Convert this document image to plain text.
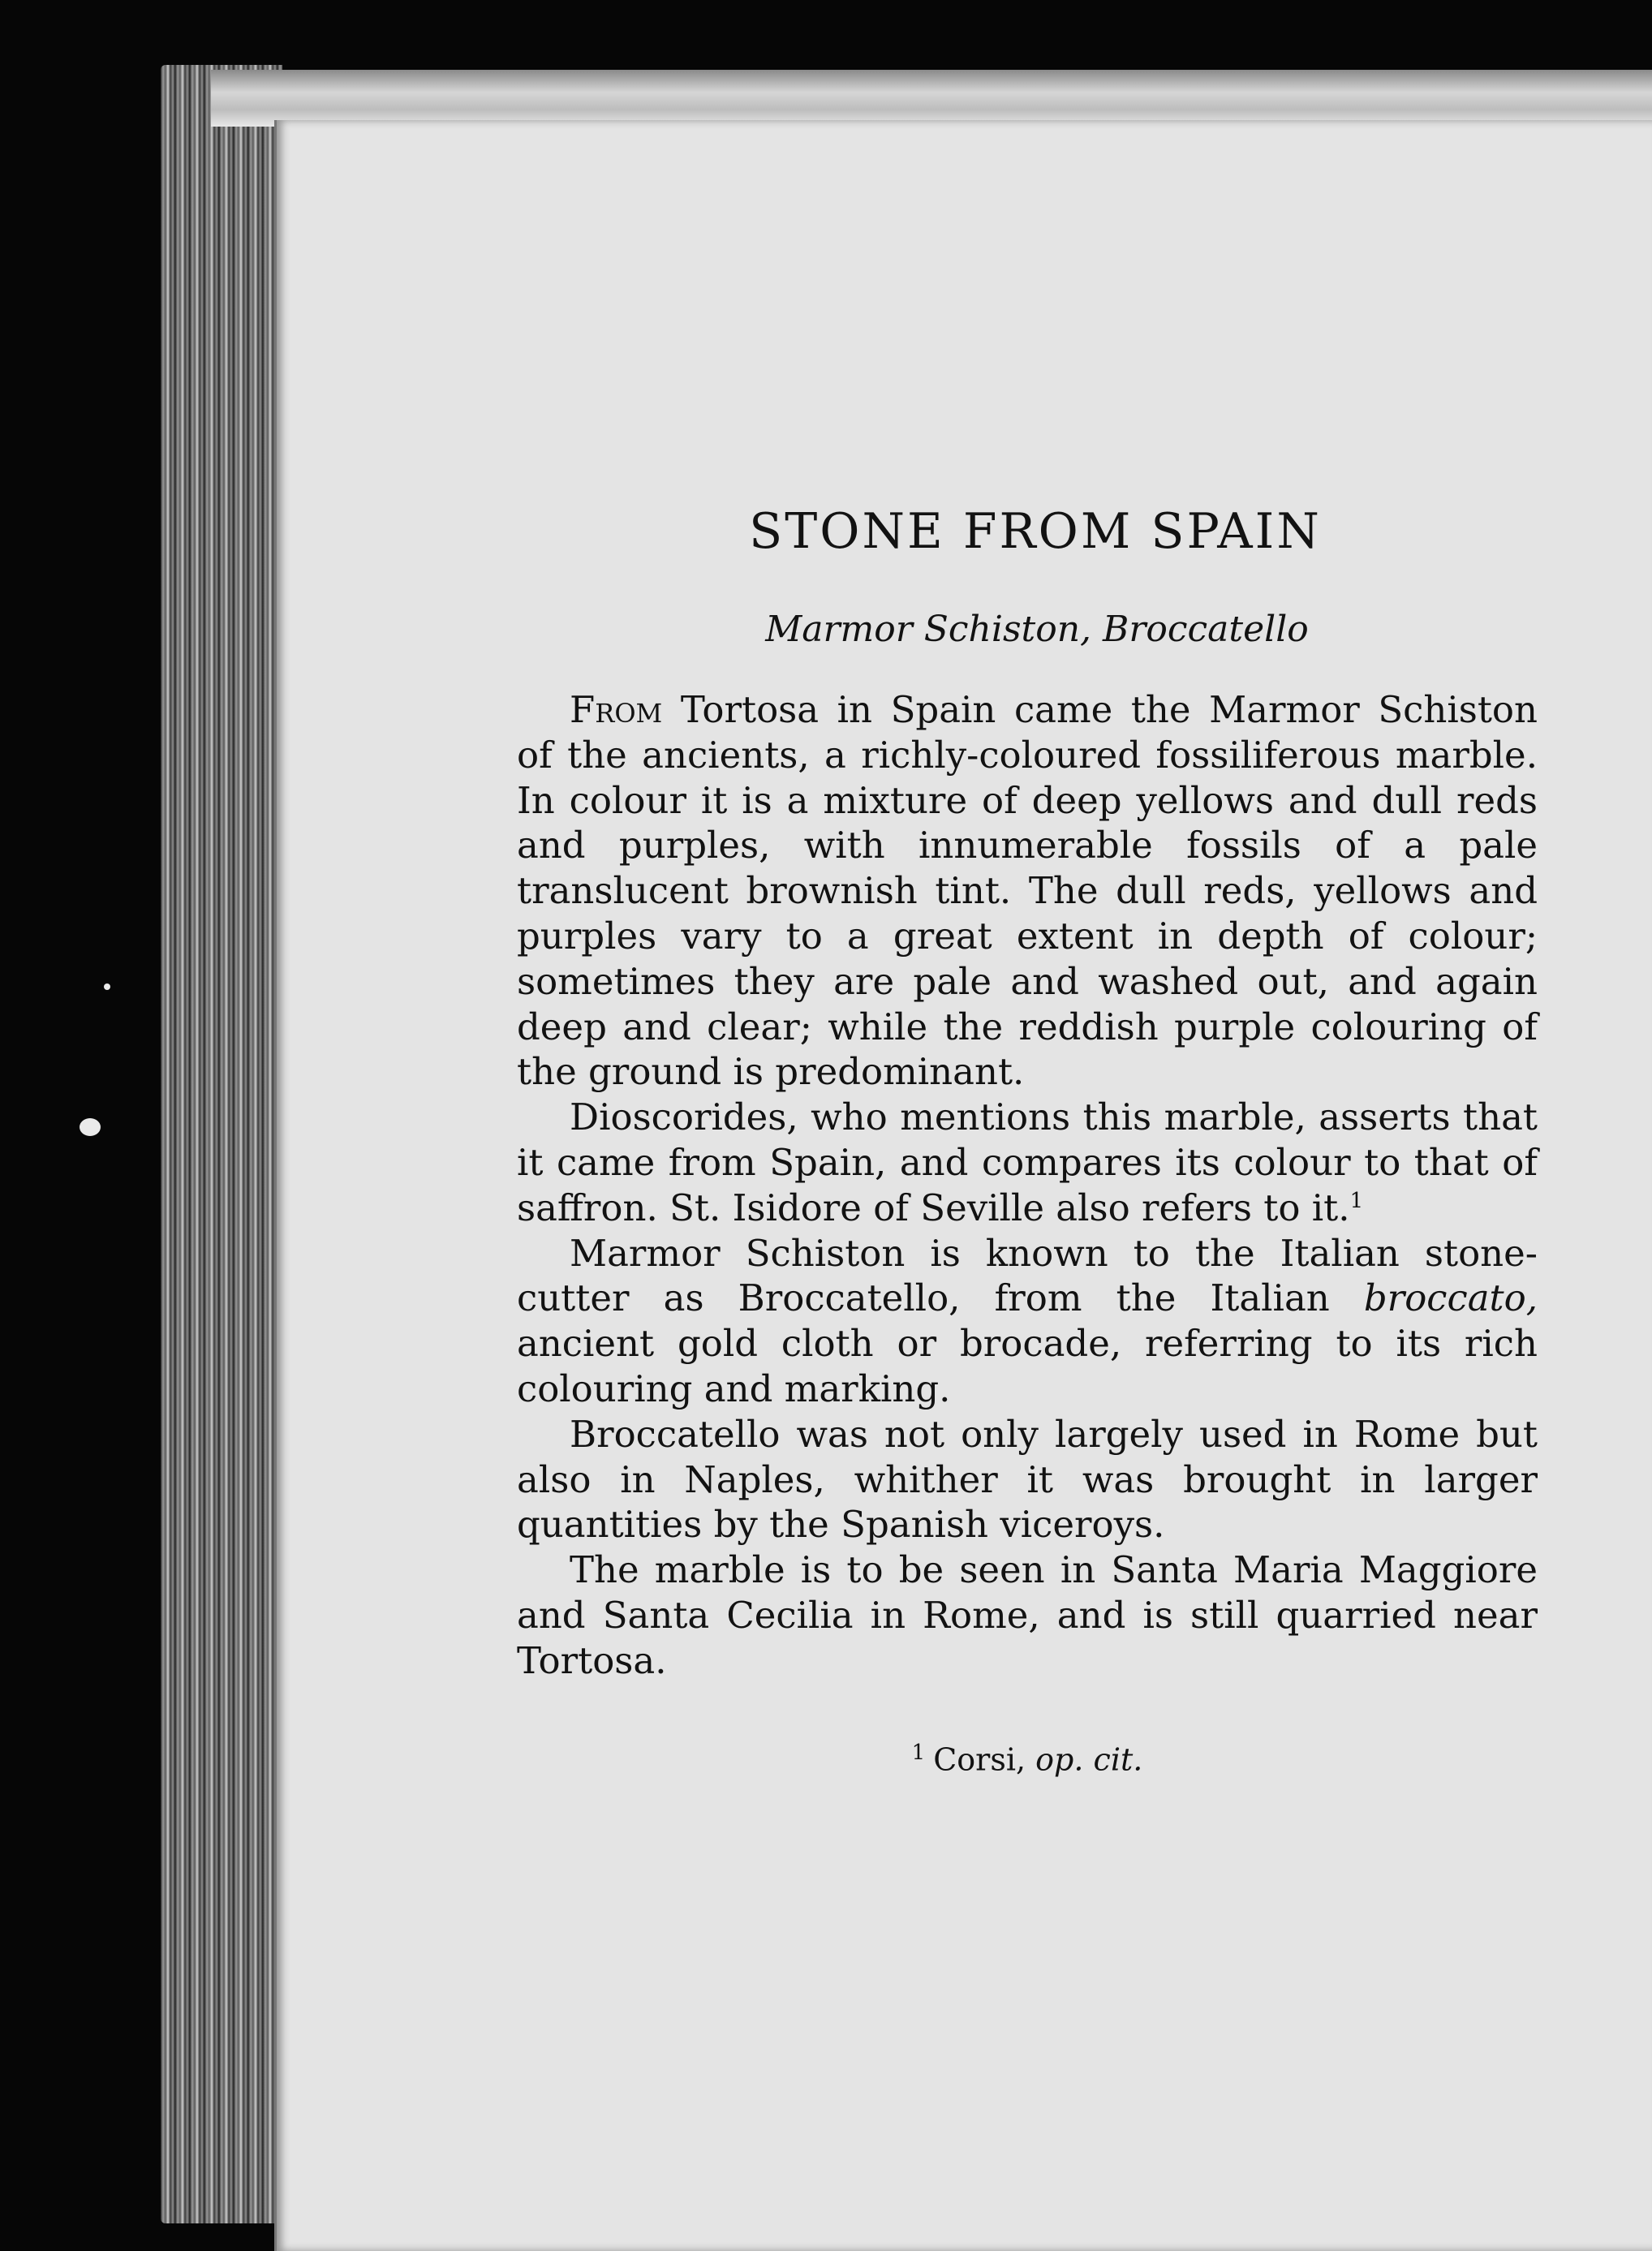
STONE FROM SPAIN
Marmor Schiston, Broccatello

From Tortosa in Spain came the Marmor Schiston of the ancients, a richly-coloured fossiliferous marble. In colour it is a mixture of deep yellows and dull reds and purples, with innumerable fossils of a pale translucent brownish tint. The dull reds, yellows and purples vary to a great extent in depth of colour; sometimes they are pale and washed out, and again deep and clear; while the reddish purple colouring of the ground is predominant.

Dioscorides, who mentions this marble, asserts that it came from Spain, and compares its colour to that of saffron. St. Isidore of Seville also refers to it.$^1$

Marmor Schiston is known to the Italian stone-cutter as Broccatello, from the Italian broccato, ancient gold cloth or brocade, referring to its rich colouring and marking.

Broccatello was not only largely used in Rome but also in Naples, whither it was brought in larger quantities by the Spanish viceroys.

The marble is to be seen in Santa Maria Maggiore and Santa Cecilia in Rome, and is still quarried near Tortosa.

$^1$ Corsi, op. cit.
